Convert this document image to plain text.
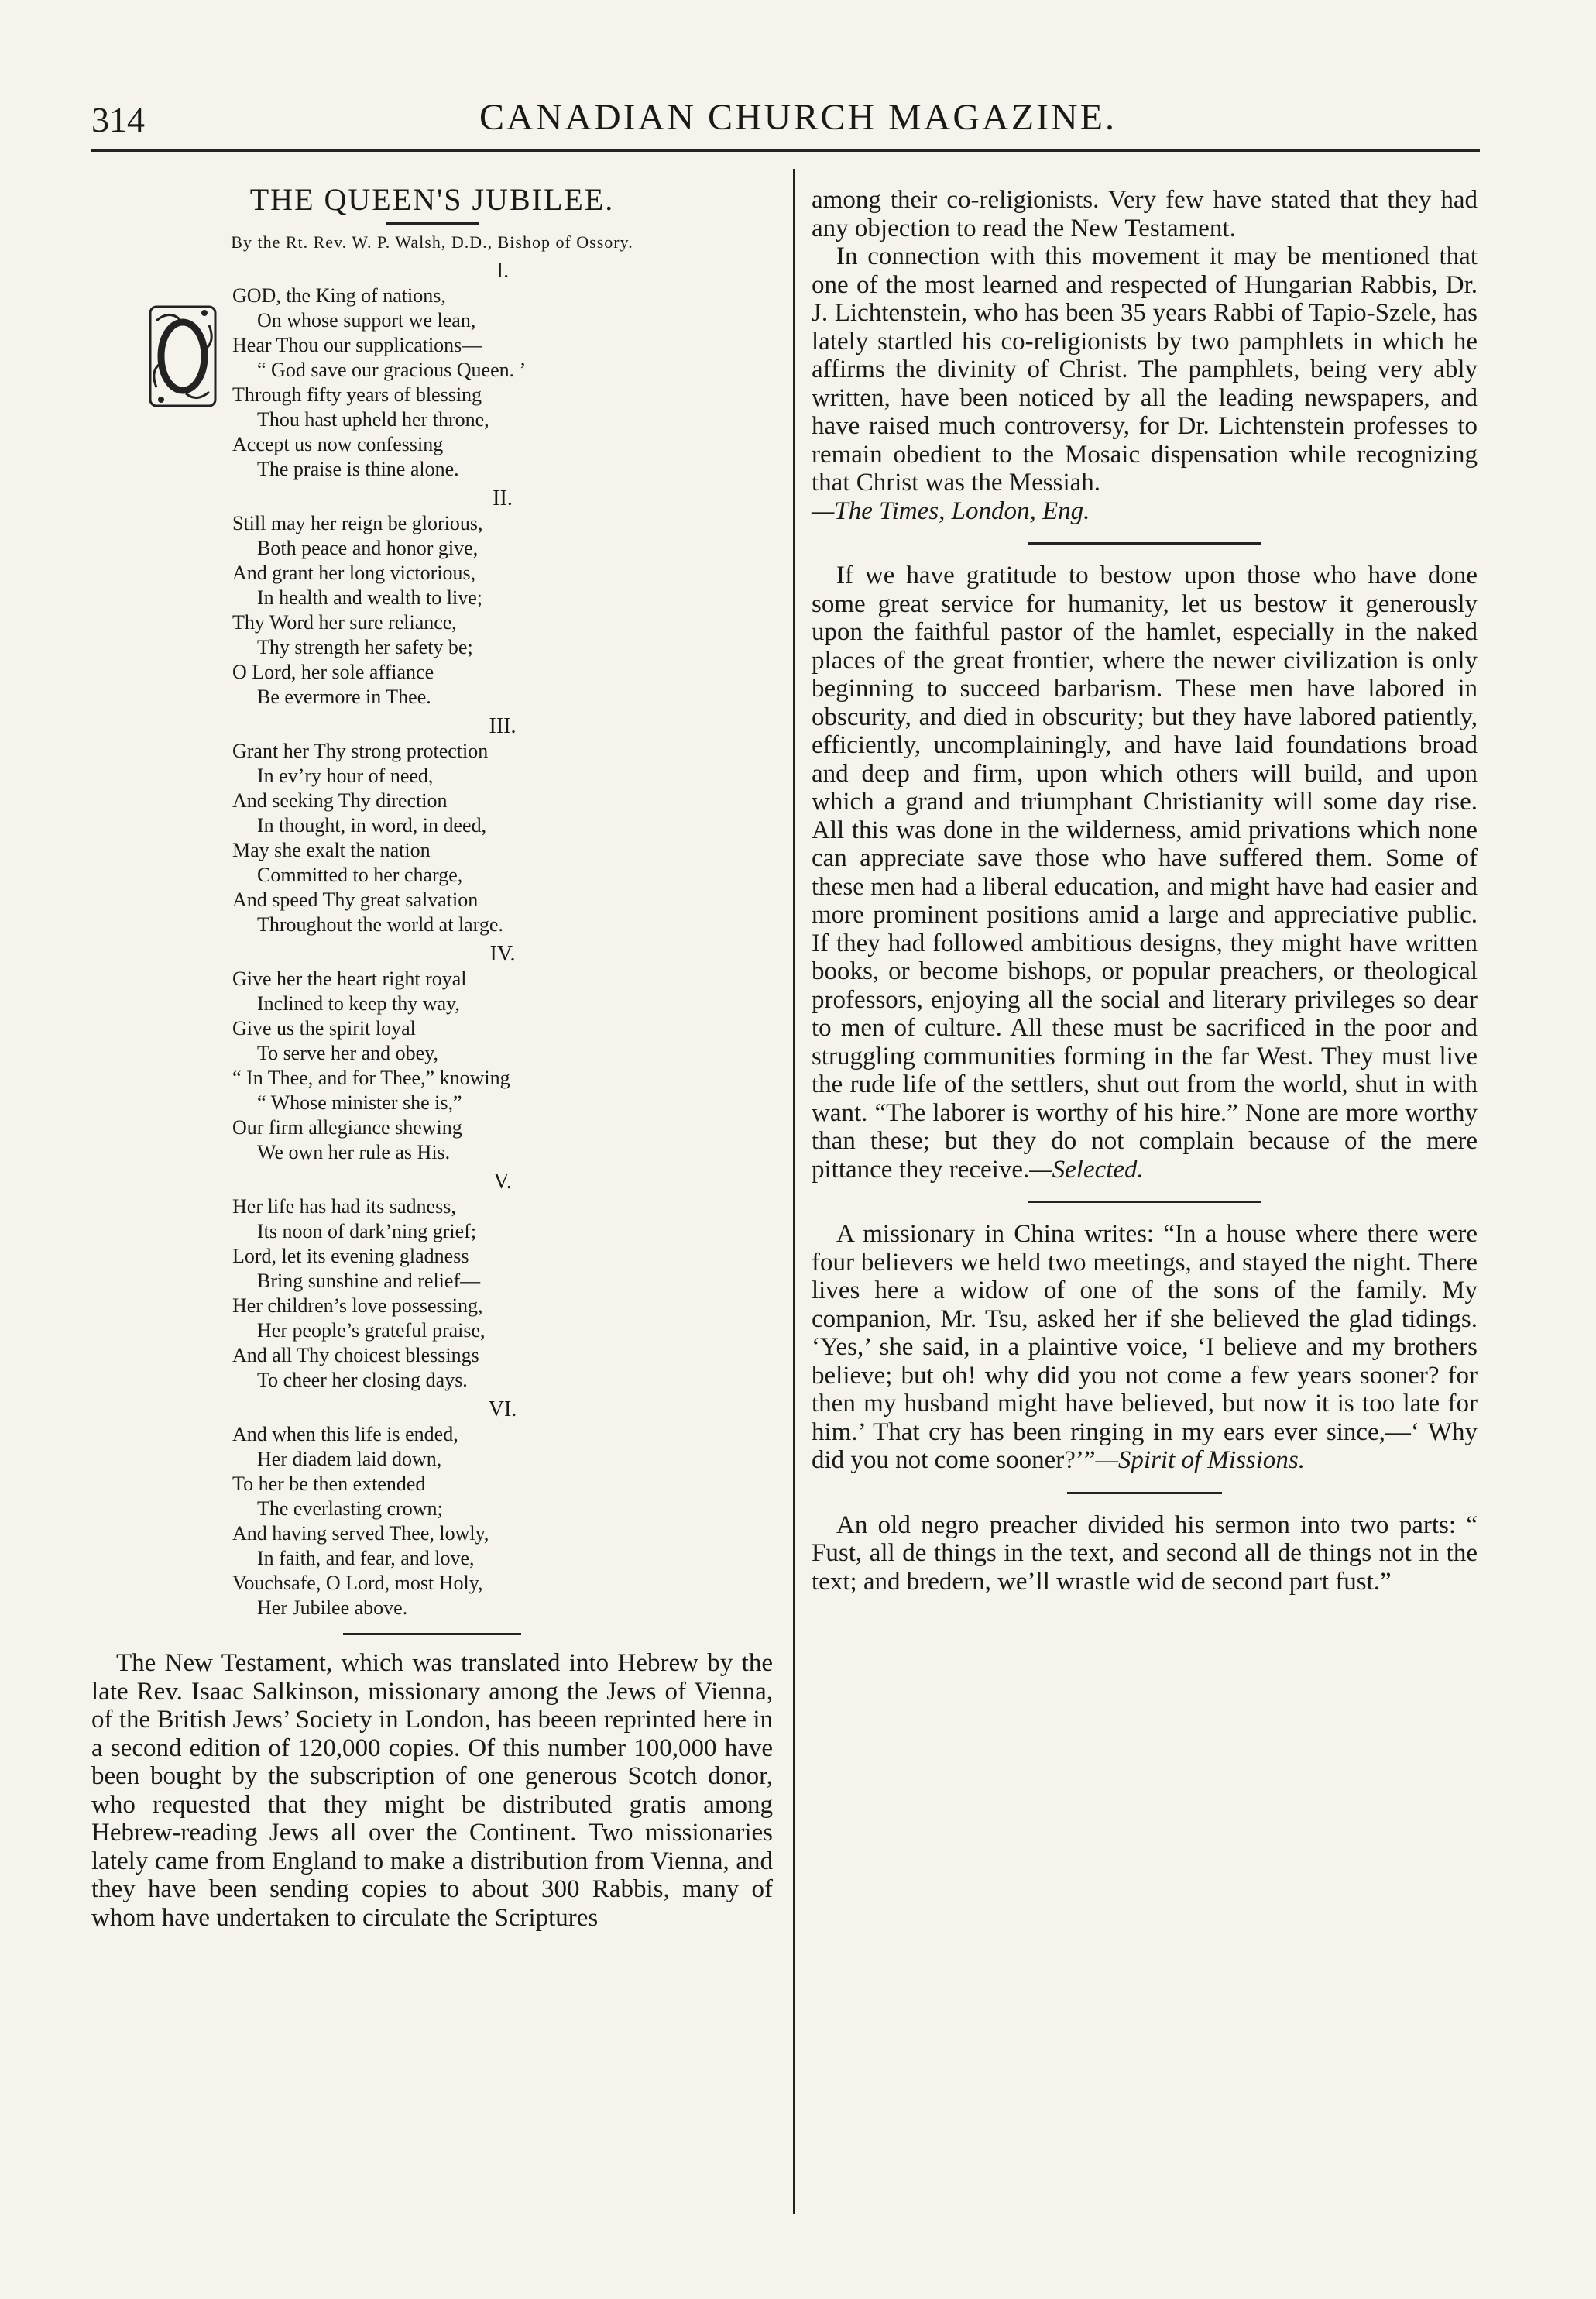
314	CANADIAN CHURCH MAGAZINE.
THE QUEEN'S JUBILEE.
By the Rt. Rev. W. P. Walsh, D.D., Bishop of Ossory.
I.
GOD, the King of nations,
On whose support we lean,
Hear Thou our supplications—
“ God save our gracious Queen. ’
Through fifty years of blessing
Thou hast upheld her throne,
Accept us now confessing
The praise is thine alone.
II.
Still may her reign be glorious,
Both peace and honor give,
And grant her long victorious,
In health and wealth to live;
Thy Word her sure reliance,
Thy strength her safety be;
O Lord, her sole affiance
Be evermore in Thee.
III.
Grant her Thy strong protection
In ev’ry hour of need,
And seeking Thy direction
In thought, in word, in deed,
May she exalt the nation
Committed to her charge,
And speed Thy great salvation
Throughout the world at large.
IV.
Give her the heart right royal
Inclined to keep thy way,
Give us the spirit loyal
To serve her and obey,
“ In Thee, and for Thee,” knowing
“ Whose minister she is,”
Our firm allegiance shewing
We own her rule as His.
V.
Her life has had its sadness,
Its noon of dark’ning grief;
Lord, let its evening gladness
Bring sunshine and relief—
Her children’s love possessing,
Her people’s grateful praise,
And all Thy choicest blessings
To cheer her closing days.
VI.
And when this life is ended,
Her diadem laid down,
To her be then extended
The everlasting crown;
And having served Thee, lowly,
In faith, and fear, and love,
Vouchsafe, O Lord, most Holy,
Her Jubilee above.

The New Testament, which was translated into Hebrew by the late Rev. Isaac Salkinson, missionary among the Jews of Vienna, of the British Jews’ Society in London, has beeen reprinted here in a second edition of 120,000 copies. Of this number 100,000 have been bought by the subscription of one generous Scotch donor, who requested that they might be distributed gratis among Hebrew-reading Jews all over the Continent. Two missionaries lately came from England to make a distribution from Vienna, and they have been sending copies to about 300 Rabbis, many of whom have undertaken to circulate the Scriptures

among their co-religionists. Very few have stated that they had any objection to read the New Testament.

In connection with this movement it may be mentioned that one of the most learned and respected of Hungarian Rabbis, Dr. J. Lichtenstein, who has been 35 years Rabbi of Tapio-Szele, has lately startled his co-religionists by two pamphlets in which he affirms the divinity of Christ. The pamphlets, being very ably written, have been noticed by all the leading newspapers, and have raised much controversy, for Dr. Lichtenstein professes to remain obedient to the Mosaic dispensation while recognizing that Christ was the Messiah.

—The Times, London, Eng.

If we have gratitude to bestow upon those who have done some great service for humanity, let us bestow it generously upon the faithful pastor of the hamlet, especially in the naked places of the great frontier, where the newer civilization is only beginning to succeed barbarism. These men have labored in obscurity, and died in obscurity; but they have labored patiently, efficiently, uncomplainingly, and have laid foundations broad and deep and firm, upon which others will build, and upon which a grand and triumphant Christianity will some day rise. All this was done in the wilderness, amid privations which none can appreciate save those who have suffered them. Some of these men had a liberal education, and might have had easier and more prominent positions amid a large and appreciative public. If they had followed ambitious designs, they might have written books, or become bishops, or popular preachers, or theological professors, enjoying all the social and literary privileges so dear to men of culture. All these must be sacrificed in the poor and struggling communities forming in the far West. They must live the rude life of the settlers, shut out from the world, shut in with want. “The laborer is worthy of his hire.” None are more worthy than these; but they do not complain because of the mere pittance they receive.—Selected.

A missionary in China writes: “In a house where there were four believers we held two meetings, and stayed the night. There lives here a widow of one of the sons of the family. My companion, Mr. Tsu, asked her if she believed the glad tidings. ‘Yes,’ she said, in a plaintive voice, ‘I believe and my brothers believe; but oh! why did you not come a few years sooner? for then my husband might have believed, but now it is too late for him.’ That cry has been ringing in my ears ever since,—‘ Why did you not come sooner?’”—Spirit of Missions.

An old negro preacher divided his sermon into two parts: “ Fust, all de things in the text, and second all de things not in the text; and bredern, we’ll wrastle wid de second part fust.”
